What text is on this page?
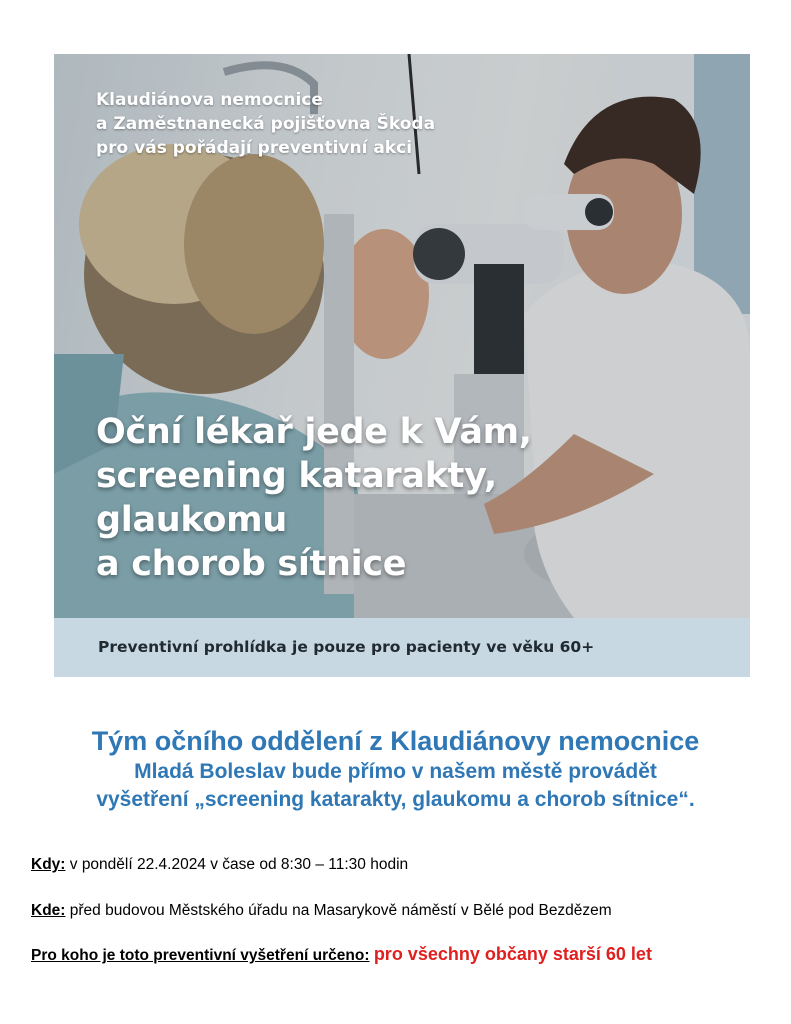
Klaudiánova nemocnice
a Zaměstnanecká pojišťovna Škoda
pro vás pořádají preventivní akci
Oční lékař jede k Vám,
screening katarakty,
glaukomu
a chorob sítnice
Preventivní prohlídka je pouze pro pacienty ve věku 60+
Tým očního oddělení z Klaudiánovy nemocnice
Mladá Boleslav bude přímo v našem městě provádět
vyšetření „screening katarakty, glaukomu a chorob sítnice“.
Kdy: v pondělí 22.4.2024 v čase od 8:30 – 11:30 hodin
Kde: před budovou Městského úřadu na Masarykově náměstí v Bělé pod Bezdězem
Pro koho je toto preventivní vyšetření určeno: pro všechny občany starší 60 let
